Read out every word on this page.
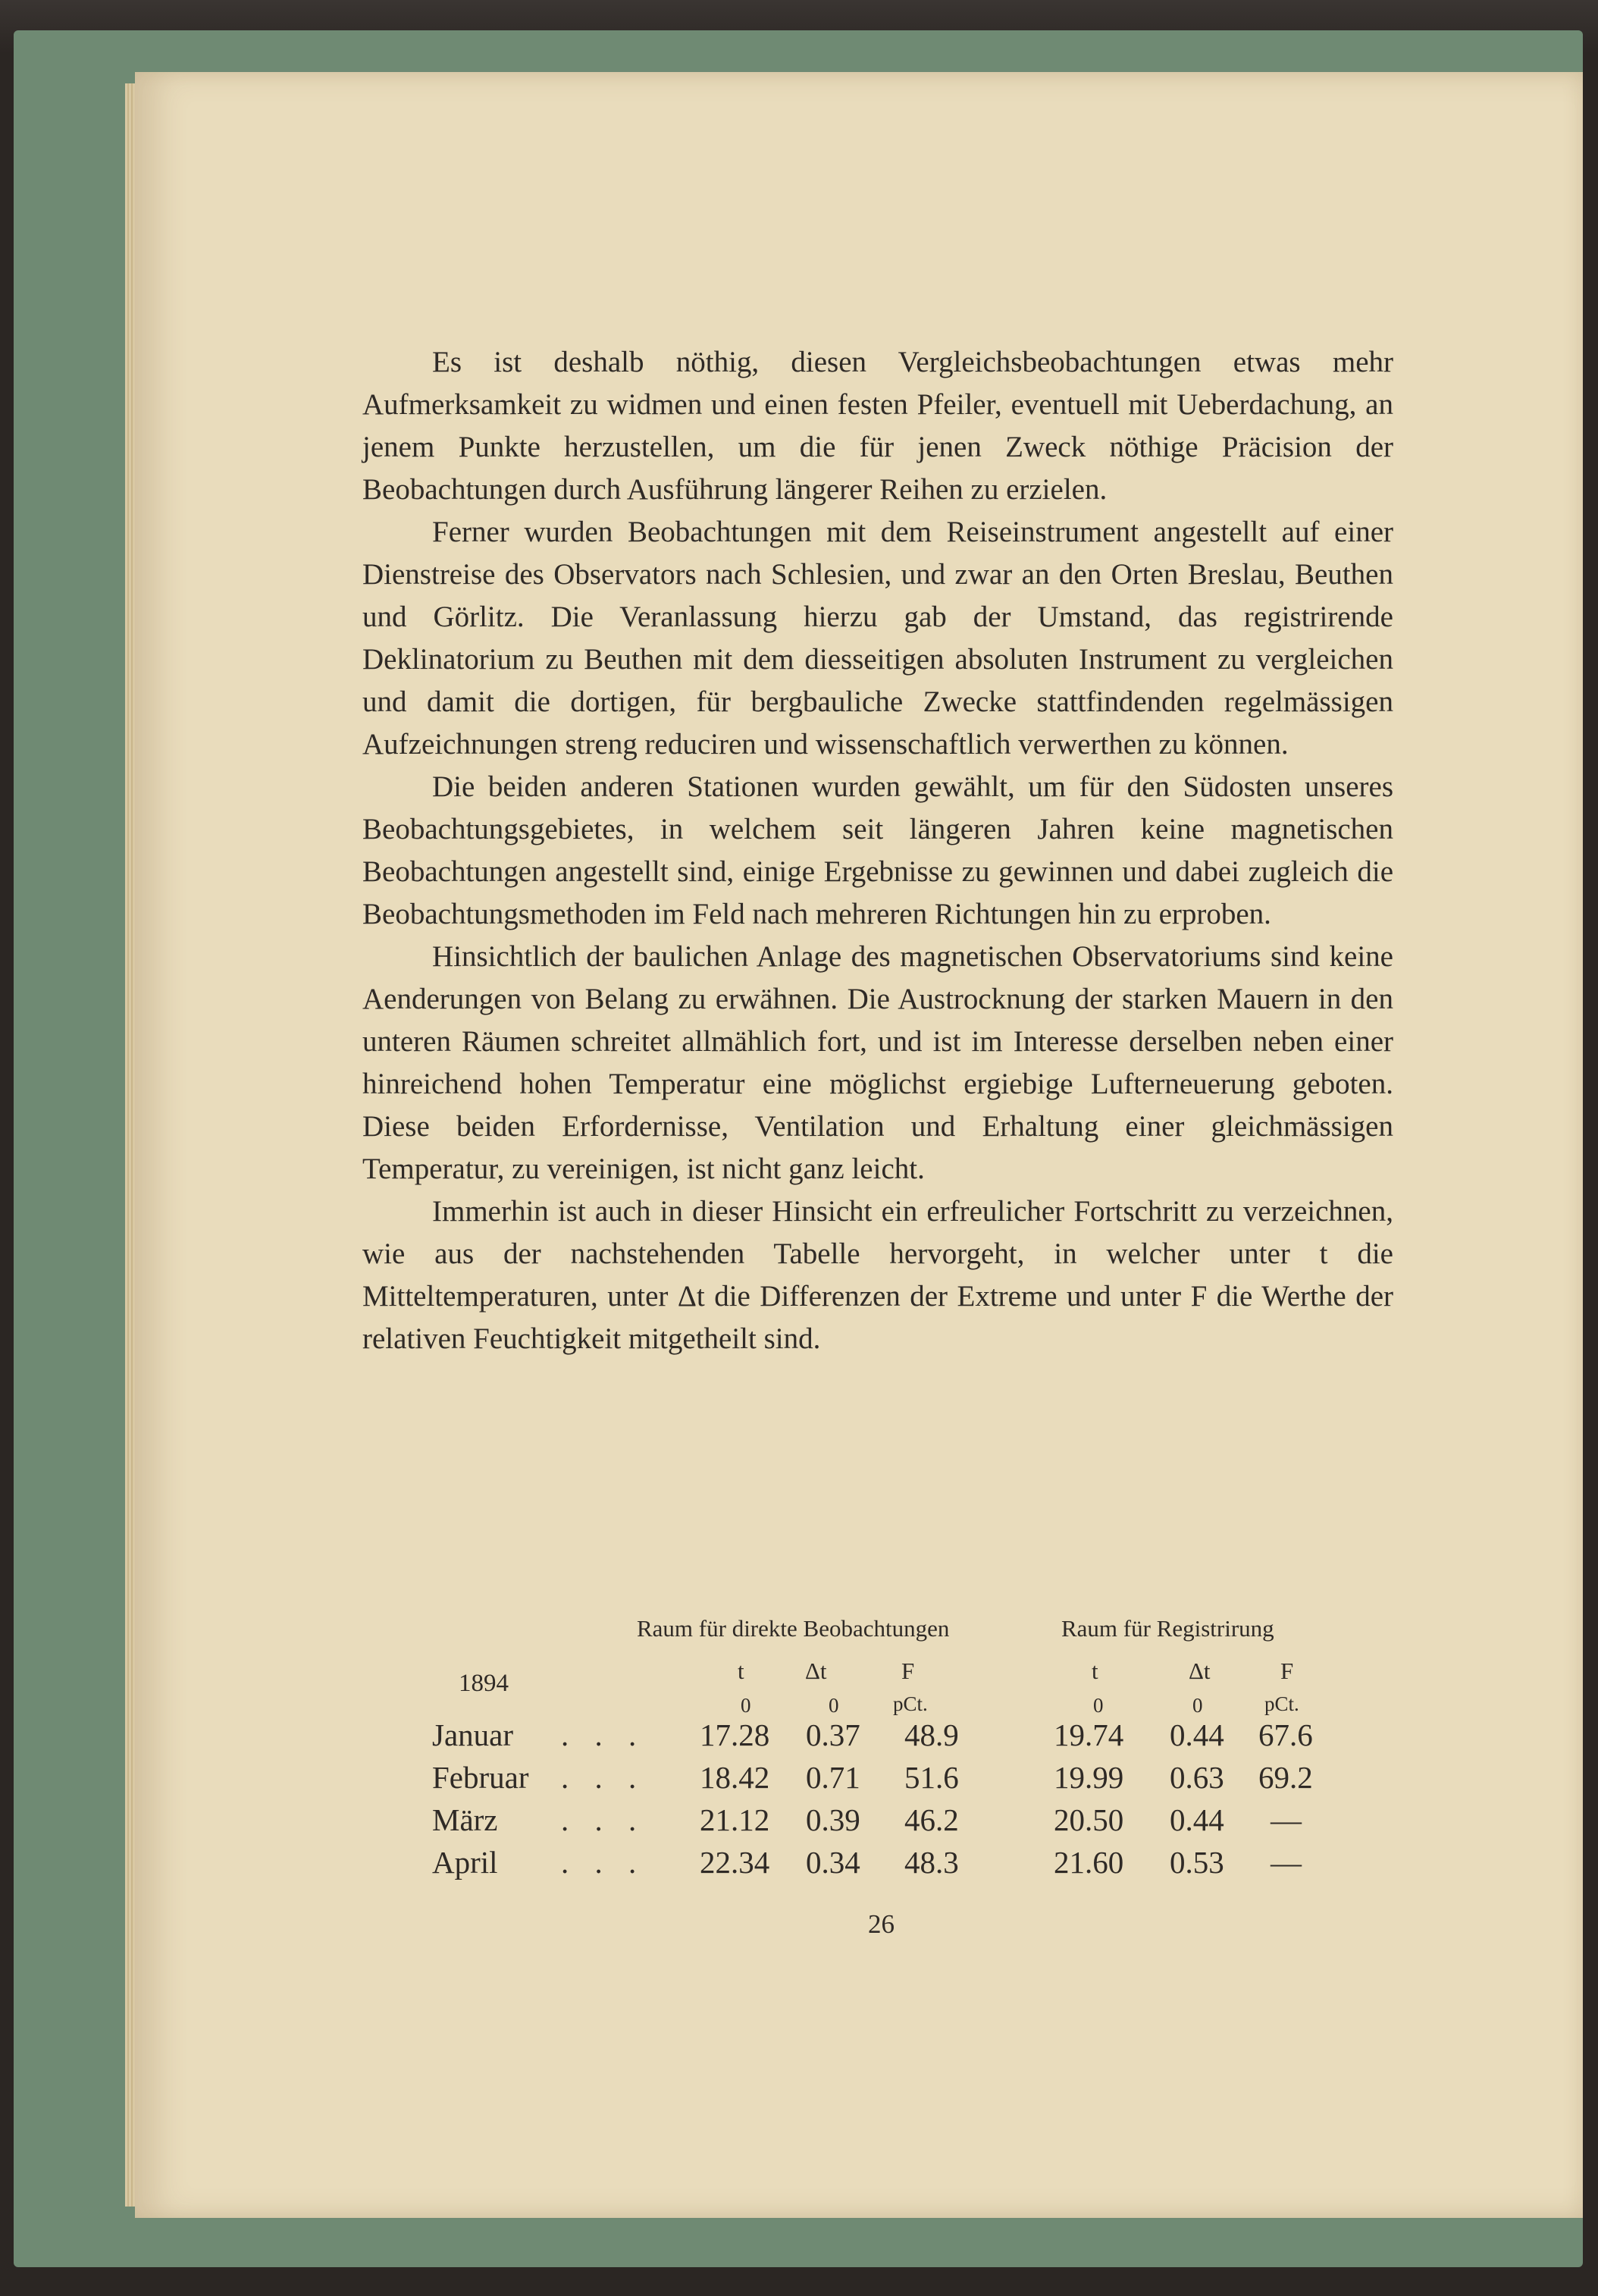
Es ist deshalb nöthig, diesen Vergleichsbeobachtungen etwas mehr Aufmerksamkeit zu widmen und einen festen Pfeiler, eventuell mit Ueberdachung, an jenem Punkte herzustellen, um die für jenen Zweck nöthige Präcision der Beobachtungen durch Ausführung längerer Reihen zu erzielen.

Ferner wurden Beobachtungen mit dem Reiseinstrument angestellt auf einer Dienstreise des Observators nach Schlesien, und zwar an den Orten Breslau, Beuthen und Görlitz. Die Veranlassung hierzu gab der Umstand, das registrirende Deklinatorium zu Beuthen mit dem diesseitigen absoluten Instrument zu vergleichen und damit die dortigen, für bergbauliche Zwecke stattfindenden regelmässigen Aufzeichnungen streng reduciren und wissenschaftlich verwerthen zu können.

Die beiden anderen Stationen wurden gewählt, um für den Südosten unseres Beobachtungsgebietes, in welchem seit längeren Jahren keine magnetischen Beobachtungen angestellt sind, einige Ergebnisse zu gewinnen und dabei zugleich die Beobachtungsmethoden im Feld nach mehreren Richtungen hin zu erproben.

Hinsichtlich der baulichen Anlage des magnetischen Observatoriums sind keine Aenderungen von Belang zu erwähnen. Die Austrocknung der starken Mauern in den unteren Räumen schreitet allmählich fort, und ist im Interesse derselben neben einer hinreichend hohen Temperatur eine möglichst ergiebige Lufterneuerung geboten. Diese beiden Erfordernisse, Ventilation und Erhaltung einer gleichmässigen Temperatur, zu vereinigen, ist nicht ganz leicht.

Immerhin ist auch in dieser Hinsicht ein erfreulicher Fortschritt zu verzeichnen, wie aus der nachstehenden Tabelle hervorgeht, in welcher unter t die Mitteltemperaturen, unter Δt die Differenzen der Extreme und unter F die Werthe der relativen Feuchtigkeit mitgetheilt sind.

Raum für direkte Beobachtungen	Raum für Registrirung
1894	t	Δt	F	t	Δt	F
0	0	pCt.	0	0	pCt.
Januar . . . 17.28 0.37 48.9	19.74 0.44 67.6
Februar . . . 18.42 0.71 51.6	19.99 0.63 69.2
März . . . 21.12 0.39 46.2	20.50 0.44 —
April . . . 22.34 0.34 48.3	21.60 0.53 —
26
